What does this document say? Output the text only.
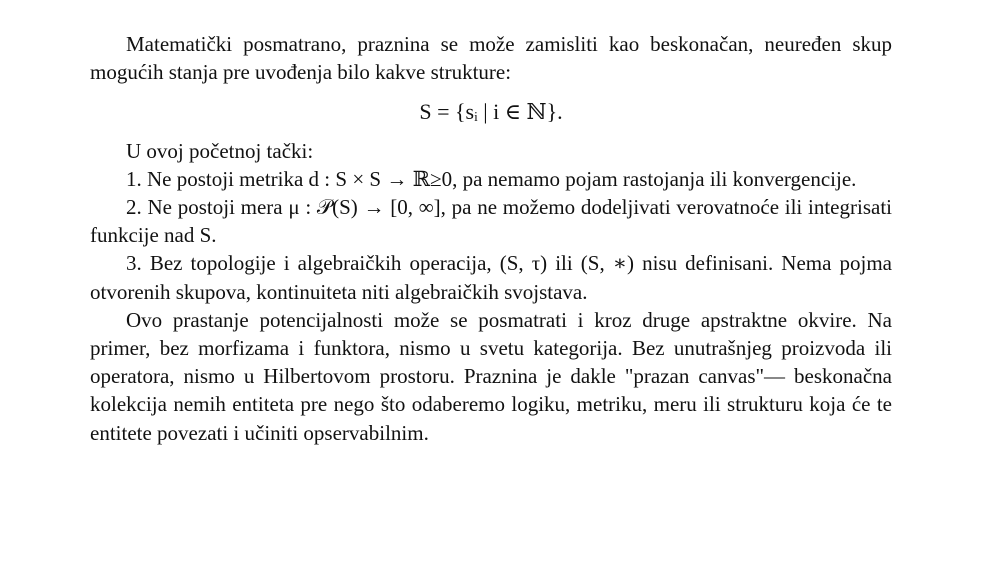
Matematički posmatrano, praznina se može zamisliti kao beskonačan, neuređen skup mogućih stanja pre uvođenja bilo kakve strukture:

S = {sᵢ | i ∈ ℕ}.

U ovoj početnoj tački:

1. Ne postoji metrika d : S × S → ℝ≥0, pa nemamo pojam rastojanja ili konvergencije.

2. Ne postoji mera μ : 𝒫(S) → [0, ∞], pa ne možemo dodeljivati verovatnoće ili integrisati funkcije nad S.

3. Bez topologije i algebraičkih operacija, (S, τ) ili (S, ∗) nisu definisani. Nema pojma otvorenih skupova, kontinuiteta niti algebraičkih svojstava.

Ovo prastanje potencijalnosti može se posmatrati i kroz druge apstraktne okvire. Na primer, bez morfizama i funktora, nismo u svetu kategorija. Bez unutrašnjeg proizvoda ili operatora, nismo u Hilbertovom prostoru. Praznina je dakle "prazan canvas"— beskonačna kolekcija nemih entiteta pre nego što odaberemo logiku, metriku, meru ili strukturu koja će te entitete povezati i učiniti opservabilnim.
